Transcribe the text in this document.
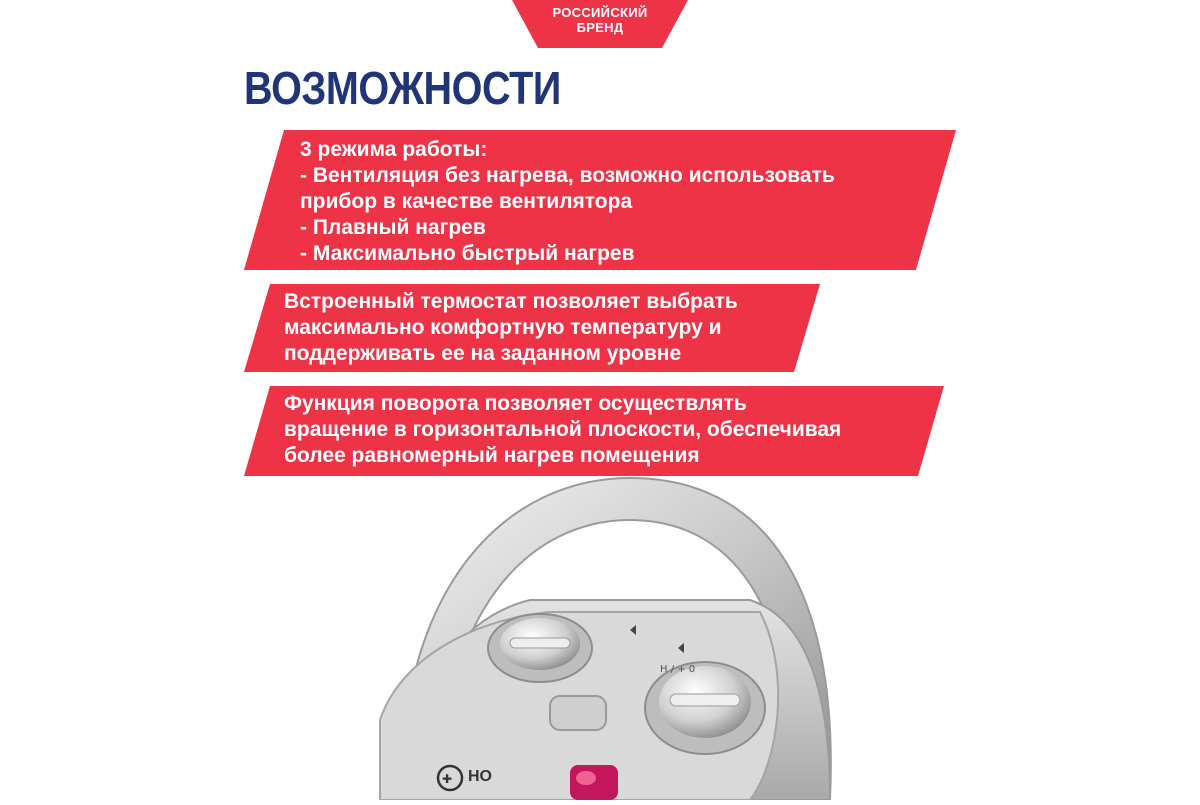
РОССИЙСКИЙ
БРЕНД
ВОЗМОЖНОСТИ
3 режима работы:
- Вентиляция без нагрева, возможно использовать
прибор в качестве вентилятора
- Плавный нагрев
- Максимально быстрый нагрев
Встроенный термостат позволяет выбрать
максимально комфортную температуру и
поддерживать ее на заданном уровне
Функция поворота позволяет осуществлять
вращение в горизонтальной плоскости, обеспечивая
более равномерный нагрев помещения
H / + 0
✚ HO
